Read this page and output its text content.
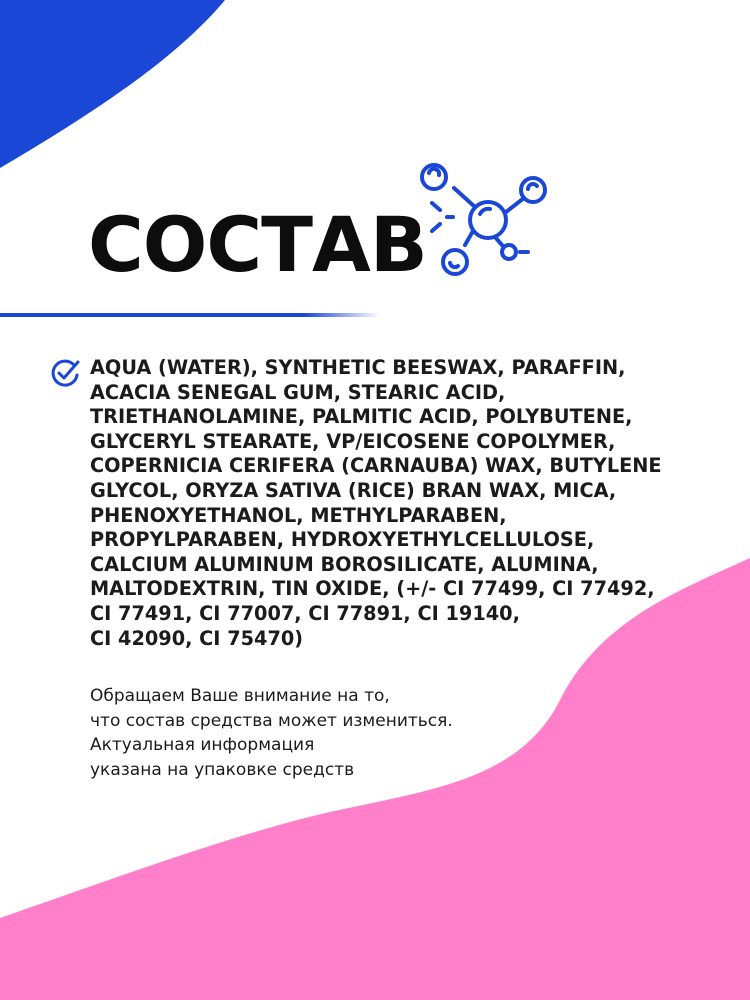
СОСТАВ

AQUA (WATER), SYNTHETIC BEESWAX, PARAFFIN,
ACACIA SENEGAL GUM, STEARIC ACID,
TRIETHANOLAMINE, PALMITIC ACID, POLYBUTENE,
GLYCERYL STEARATE, VP/EICOSENE COPOLYMER,
COPERNICIA CERIFERA (CARNAUBA) WAX, BUTYLENE
GLYCOL, ORYZA SATIVA (RICE) BRAN WAX, MICA,
PHENOXYETHANOL, METHYLPARABEN,
PROPYLPARABEN, HYDROXYETHYLCELLULOSE,
CALCIUM ALUMINUM BOROSILICATE, ALUMINA,
MALTODEXTRIN, TIN OXIDE, (+/- CI 77499, CI 77492,
CI 77491, CI 77007, CI 77891, CI 19140,
CI 42090, CI 75470)

Обращаем Ваше внимание на то,
что состав средства может измениться.
Актуальная информация
указана на упаковке средств
